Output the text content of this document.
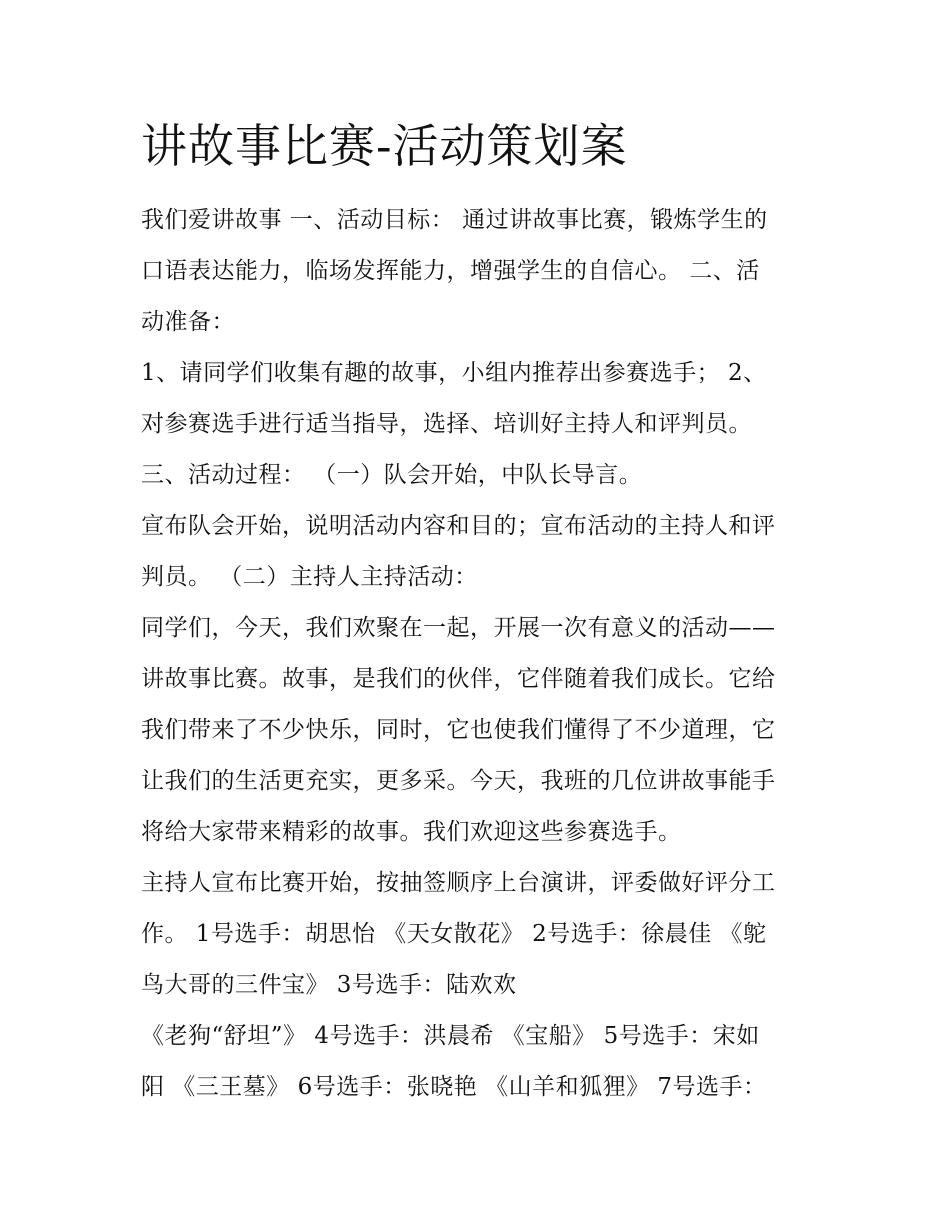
讲故事比赛-活动策划案
我们爱讲故事 一、活动目标： 通过讲故事比赛，锻炼学生的
口语表达能力，临场发挥能力，增强学生的自信心。 二、活
动准备：
1、请同学们收集有趣的故事，小组内推荐出参赛选手； 2、
对参赛选手进行适当指导，选择、培训好主持人和评判员。
三、活动过程： （一）队会开始，中队长导言。
宣布队会开始，说明活动内容和目的；宣布活动的主持人和评
判员。 （二）主持人主持活动：
同学们，今天，我们欢聚在一起，开展一次有意义的活动——
讲故事比赛。故事，是我们的伙伴，它伴随着我们成长。它给
我们带来了不少快乐，同时，它也使我们懂得了不少道理，它
让我们的生活更充实，更多采。今天，我班的几位讲故事能手
将给大家带来精彩的故事。我们欢迎这些参赛选手。
主持人宣布比赛开始，按抽签顺序上台演讲，评委做好评分工
作。 1号选手：胡思怡 《天女散花》 2号选手：徐晨佳 《鸵
鸟大哥的三件宝》 3号选手：陆欢欢
《老狗“舒坦”》 4号选手：洪晨希 《宝船》 5号选手：宋如
阳 《三王墓》 6号选手：张晓艳 《山羊和狐狸》 7号选手：
